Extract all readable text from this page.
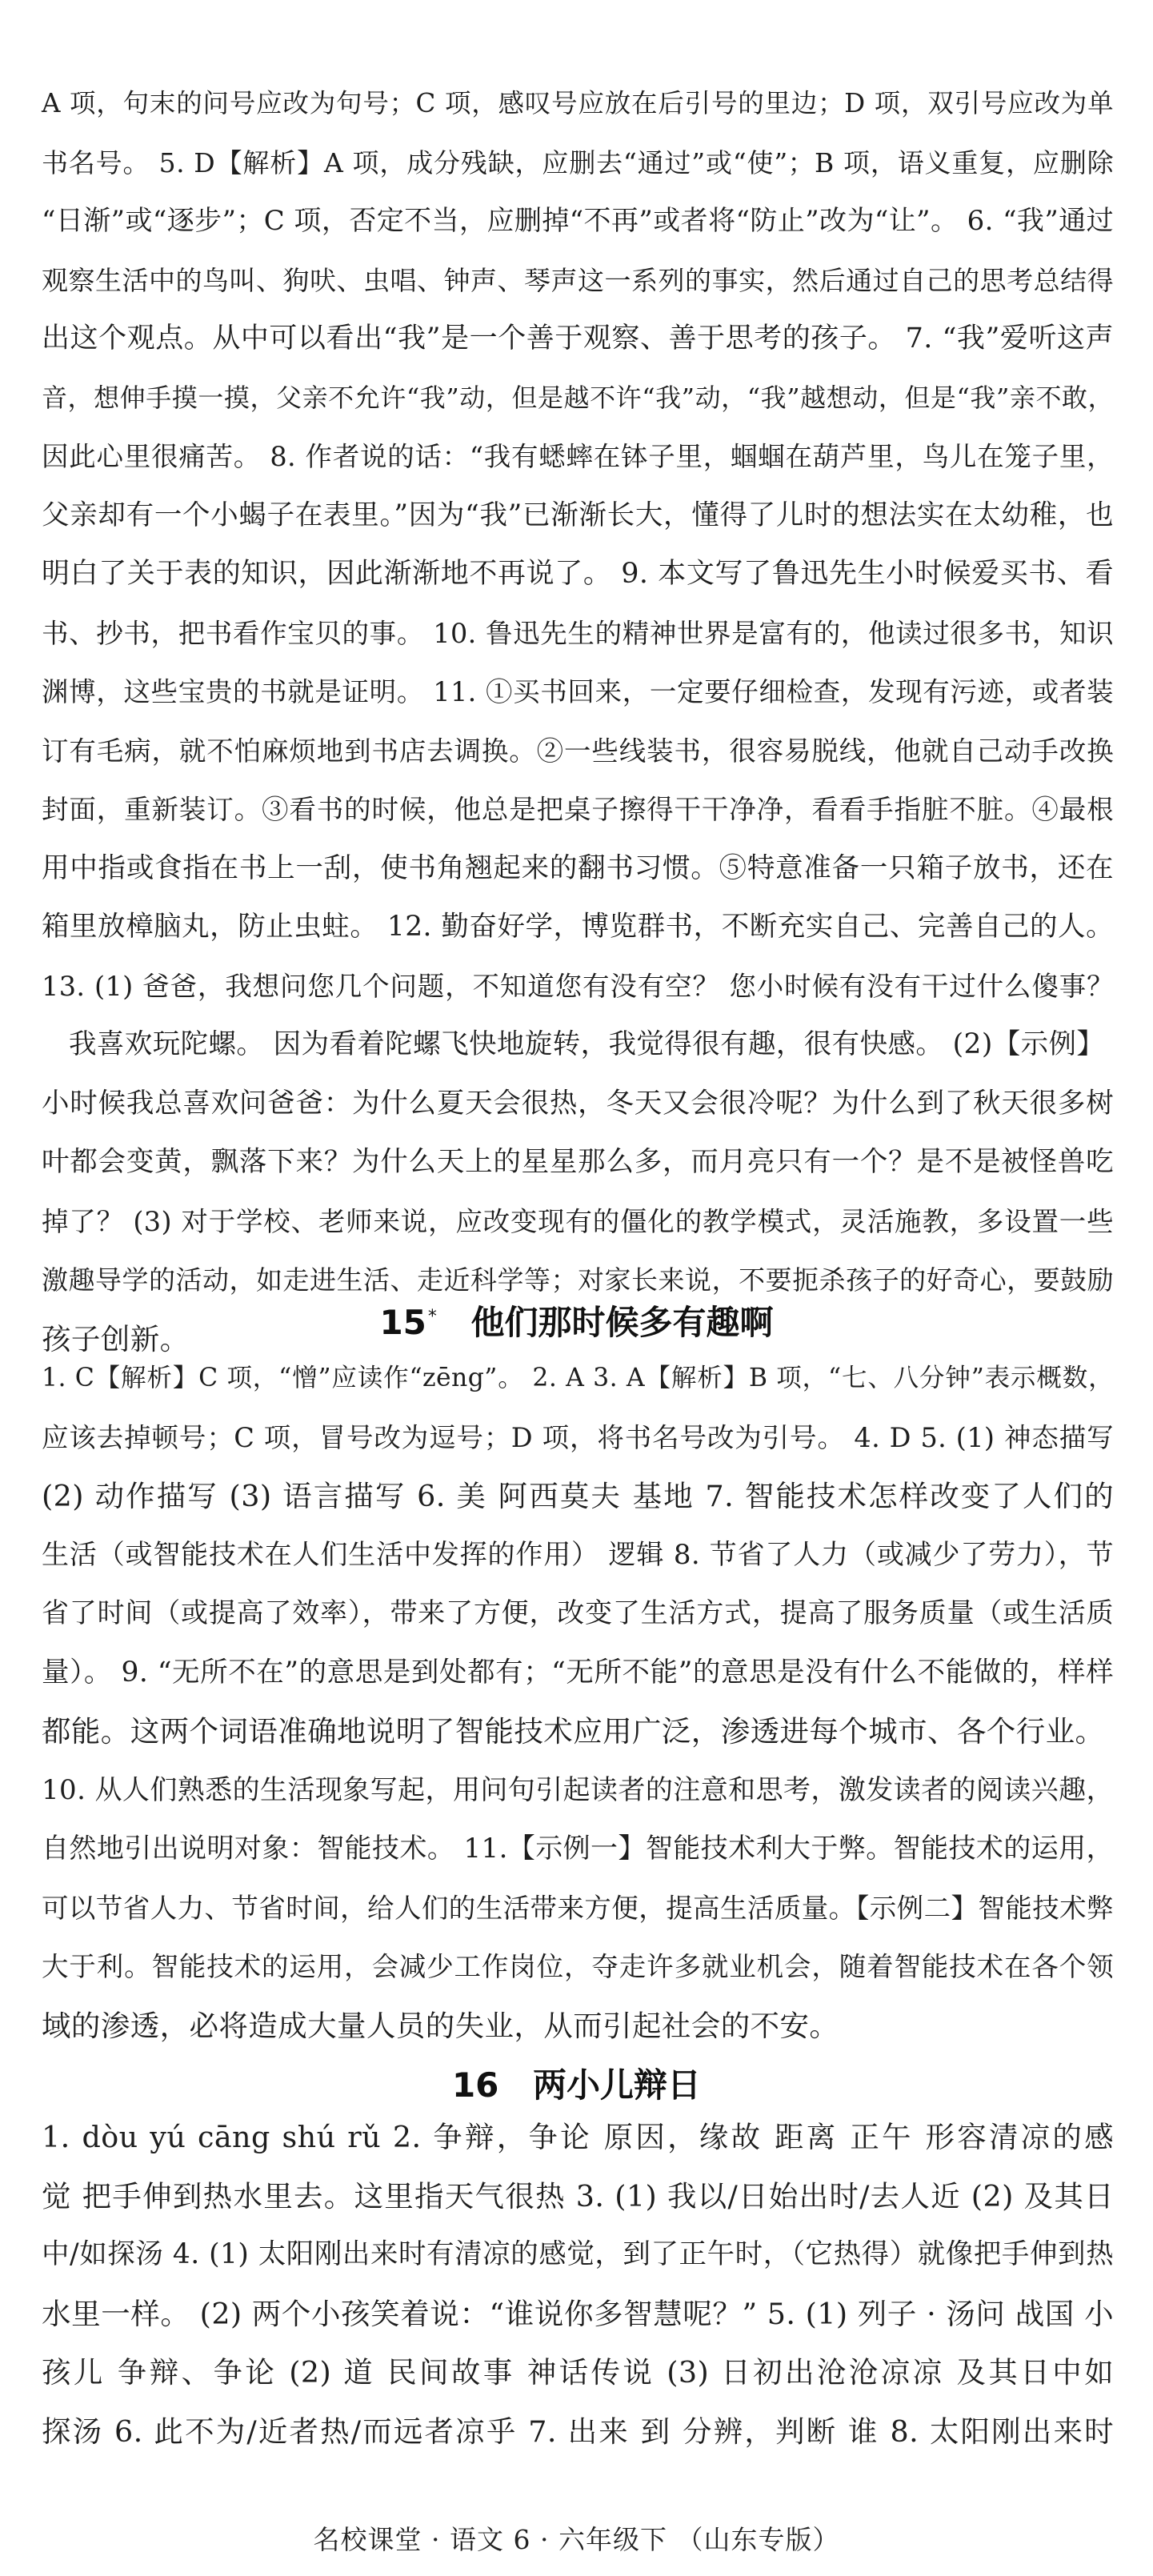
A 项，句末的问号应改为句号；C 项，感叹号应放在后引号的里边；D 项，双引号应改为单
书名号。 5. D【解析】A 项，成分残缺，应删去“通过”或“使”；B 项，语义重复，应删除
“日渐”或“逐步”；C 项，否定不当，应删掉“不再”或者将“防止”改为“让”。 6. “我”通过
观察生活中的鸟叫、狗吠、虫唱、钟声、琴声这一系列的事实，然后通过自己的思考总结得
出这个观点。从中可以看出“我”是一个善于观察、善于思考的孩子。 7. “我”爱听这声
音，想伸手摸一摸，父亲不允许“我”动，但是越不许“我”动，“我”越想动，但是“我”亲不敢，
因此心里很痛苦。 8. 作者说的话：“我有蟋蟀在钵子里，蝈蝈在葫芦里，鸟儿在笼子里，
父亲却有一个小蝎子在表里。”因为“我”已渐渐长大，懂得了儿时的想法实在太幼稚，也
明白了关于表的知识，因此渐渐地不再说了。 9. 本文写了鲁迅先生小时候爱买书、看
书、抄书，把书看作宝贝的事。 10. 鲁迅先生的精神世界是富有的，他读过很多书，知识
渊博，这些宝贵的书就是证明。 11. ①买书回来，一定要仔细检查，发现有污迹，或者装
订有毛病，就不怕麻烦地到书店去调换。②一些线装书，很容易脱线，他就自己动手改换
封面，重新装订。③看书的时候，他总是把桌子擦得干干净净，看看手指脏不脏。④最根
用中指或食指在书上一刮，使书角翘起来的翻书习惯。⑤特意准备一只箱子放书，还在
箱里放樟脑丸，防止虫蛀。 12. 勤奋好学，博览群书，不断充实自己、完善自己的人。
13. (1) 爸爸，我想问您几个问题，不知道您有没有空？ 您小时候有没有干过什么傻事？
我喜欢玩陀螺。 因为看着陀螺飞快地旋转，我觉得很有趣，很有快感。 (2)【示例】
小时候我总喜欢问爸爸：为什么夏天会很热，冬天又会很冷呢？为什么到了秋天很多树
叶都会变黄，飘落下来？为什么天上的星星那么多，而月亮只有一个？是不是被怪兽吃
掉了？ (3) 对于学校、老师来说，应改变现有的僵化的教学模式，灵活施教，多设置一些
激趣导学的活动，如走进生活、走近科学等；对家长来说，不要扼杀孩子的好奇心，要鼓励
孩子创新。	15* 他们那时候多有趣啊
1. C【解析】C 项，“憎”应读作“zēng”。 2. A 3. A【解析】B 项，“七、八分钟”表示概数，
应该去掉顿号；C 项，冒号改为逗号；D 项，将书名号改为引号。 4. D 5. (1) 神态描写
(2) 动作描写 (3) 语言描写 6. 美 阿西莫夫 基地 7. 智能技术怎样改变了人们的
生活（或智能技术在人们生活中发挥的作用） 逻辑 8. 节省了人力（或减少了劳力），节
省了时间（或提高了效率），带来了方便，改变了生活方式，提高了服务质量（或生活质
量）。 9. “无所不在”的意思是到处都有；“无所不能”的意思是没有什么不能做的，样样
都能。这两个词语准确地说明了智能技术应用广泛，渗透进每个城市、各个行业。
10. 从人们熟悉的生活现象写起，用问句引起读者的注意和思考，激发读者的阅读兴趣，
自然地引出说明对象：智能技术。 11.【示例一】智能技术利大于弊。智能技术的运用，
可以节省人力、节省时间，给人们的生活带来方便，提高生活质量。【示例二】智能技术弊
大于利。智能技术的运用，会减少工作岗位，夺走许多就业机会，随着智能技术在各个领
域的渗透，必将造成大量人员的失业，从而引起社会的不安。
16 两小儿辩日
1. dòu yú cāng shú rǔ 2. 争辩，争论 原因，缘故 距离 正午 形容清凉的感
觉 把手伸到热水里去。这里指天气很热 3. (1) 我以/日始出时/去人近 (2) 及其日
中/如探汤 4. (1) 太阳刚出来时有清凉的感觉，到了正午时，（它热得）就像把手伸到热
水里一样。 (2) 两个小孩笑着说：“谁说你多智慧呢？” 5. (1) 列子 · 汤问 战国 小
孩儿 争辩、争论 (2) 道 民间故事 神话传说 (3) 日初出沧沧凉凉 及其日中如
探汤 6. 此不为/近者热/而远者凉乎 7. 出来 到 分辨，判断 谁 8. 太阳刚出来时
名校课堂 · 语文 6 · 六年级下 （山东专版）
